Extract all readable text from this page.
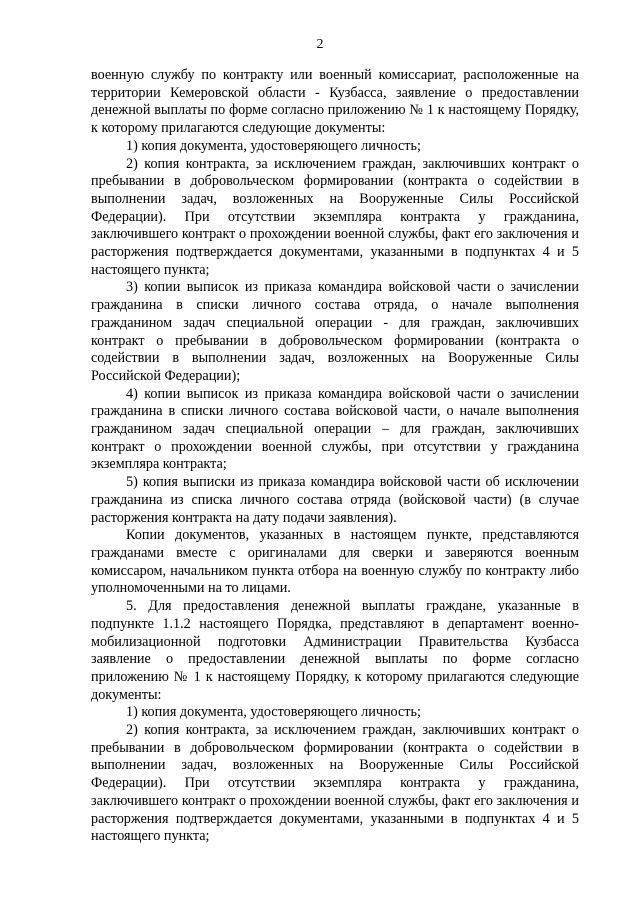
2

военную службу по контракту или военный комиссариат, расположенные на территории Кемеровской области - Кузбасса, заявление о предоставлении денежной выплаты по форме согласно приложению № 1 к настоящему Порядку, к которому прилагаются следующие документы:

1) копия документа, удостоверяющего личность;

2) копия контракта, за исключением граждан, заключивших контракт о пребывании в добровольческом формировании (контракта о содействии в выполнении задач, возложенных на Вооруженные Силы Российской Федерации). При отсутствии экземпляра контракта у гражданина, заключившего контракт о прохождении военной службы, факт его заключения и расторжения подтверждается документами, указанными в подпунктах 4 и 5 настоящего пункта;

3) копии выписок из приказа командира войсковой части о зачислении гражданина в списки личного состава отряда, о начале выполнения гражданином задач специальной операции - для граждан, заключивших контракт о пребывании в добровольческом формировании (контракта о содействии в выполнении задач, возложенных на Вооруженные Силы Российской Федерации);

4) копии выписок из приказа командира войсковой части о зачислении гражданина в списки личного состава войсковой части, о начале выполнения гражданином задач специальной операции – для граждан, заключивших контракт о прохождении военной службы, при отсутствии у гражданина экземпляра контракта;

5) копия выписки из приказа командира войсковой части об исключении гражданина из списка личного состава отряда (войсковой части) (в случае расторжения контракта на дату подачи заявления).

Копии документов, указанных в настоящем пункте, представляются гражданами вместе с оригиналами для сверки и заверяются военным комиссаром, начальником пункта отбора на военную службу по контракту либо уполномоченными на то лицами.

5. Для предоставления денежной выплаты граждане, указанные в подпункте 1.1.2 настоящего Порядка, представляют в департамент военно-мобилизационной подготовки Администрации Правительства Кузбасса заявление о предоставлении денежной выплаты по форме согласно приложению № 1 к настоящему Порядку, к которому прилагаются следующие документы:

1) копия документа, удостоверяющего личность;

2) копия контракта, за исключением граждан, заключивших контракт о пребывании в добровольческом формировании (контракта о содействии в выполнении задач, возложенных на Вооруженные Силы Российской Федерации). При отсутствии экземпляра контракта у гражданина, заключившего контракт о прохождении военной службы, факт его заключения и расторжения подтверждается документами, указанными в подпунктах 4 и 5 настоящего пункта;
